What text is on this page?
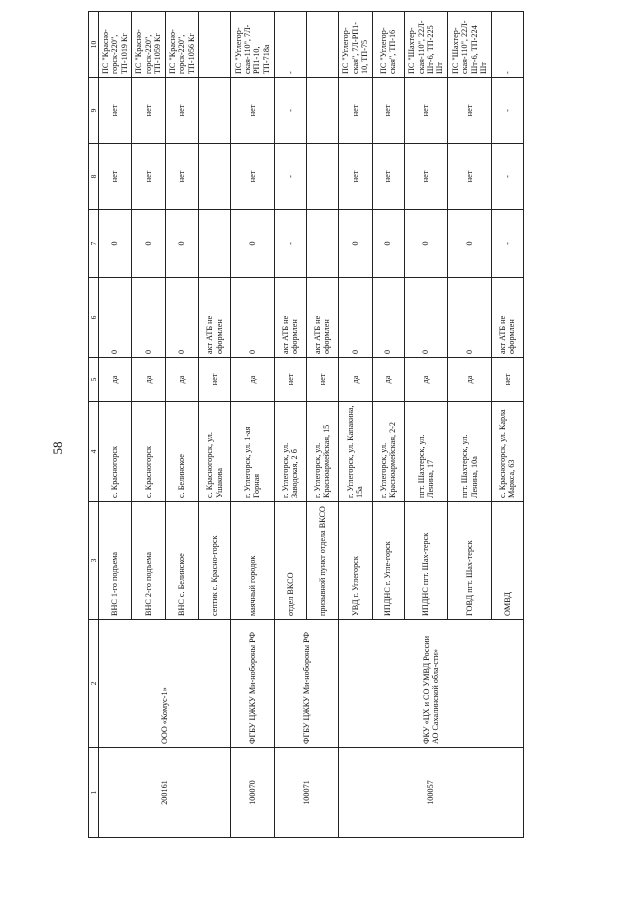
58
1	2	3	4	5	6	7	8	9	10
200161	ООО «Комус-1»	ВНС 1-го подъема	с. Красногорск	да	0	0	нет	нет	ПС "Красно-горск-220", ТП-1019 Кг
		ВНС 2-го подъема	с. Красногорск	да	0	0	нет	нет	ПС "Красно-горск-220", ТП-1059 Кг
		ВНС с. Белинское	с. Белинское	да	0	0	нет	нет	ПС "Красно-горск-220", ТП-1056 Кг
		септик с. Красно-горск	с. Красногорск, ул. Ушакова	нет	акт АТБ не оформлен				
100070	ФГБУ ЦЖКУ Ми-нобороны РФ	маячный городок	г. Углегорск, ул. 1-ая Горная	да	0	0	нет	нет	ПС "Углегор-ская-110", 7Л-РП1-10, ТП-718а
100071	ФГБУ ЦЖКУ Ми-нобороны РФ	отдел ВКСО	г. Углегорск, ул. Заводская, 2 б	нет	акт АТБ не оформлен	-	-	-	-
		призывной пункт отдела ВКСО	г. Углегорск, ул. Красноармейская, 15	нет	акт АТБ не оформлен				
100057	ФКУ «ЦХ и СО УМВД России АО Сахалинской обла-сти»	УВД г. Углегорск	г. Углегорск, ул. Капакина, 15а	да	0	0	нет	нет	ПС "Углегор-ская", 7Л-РП1-10, ТП-75
		ИПДНС г. Угле-горск	г. Углегорск, ул. Красноармейская, 2-2	да	0	0	нет	нет	ПС "Углегор-ская", ТП-16
		ИПДНС пгт. Шах-терск	пгт. Шахтерск, ул. Ленина, 17	да	0	0	нет	нет	ПС "Шахтер-ская-110", 22Л-Шт-6, ТП-225 Шт
		ГОВД пгт. Шах-терск	пгт. Шахтерск, ул. Ленина, 10а	да	0	0	нет	нет	ПС "Шахтер-ская-110", 22Л-Шт-6, ТП-224 Шт
		ОМВД	с. Красногорск, ул. Карла Маркса, 63	нет	акт АТБ не оформлен	-	-	-	-
